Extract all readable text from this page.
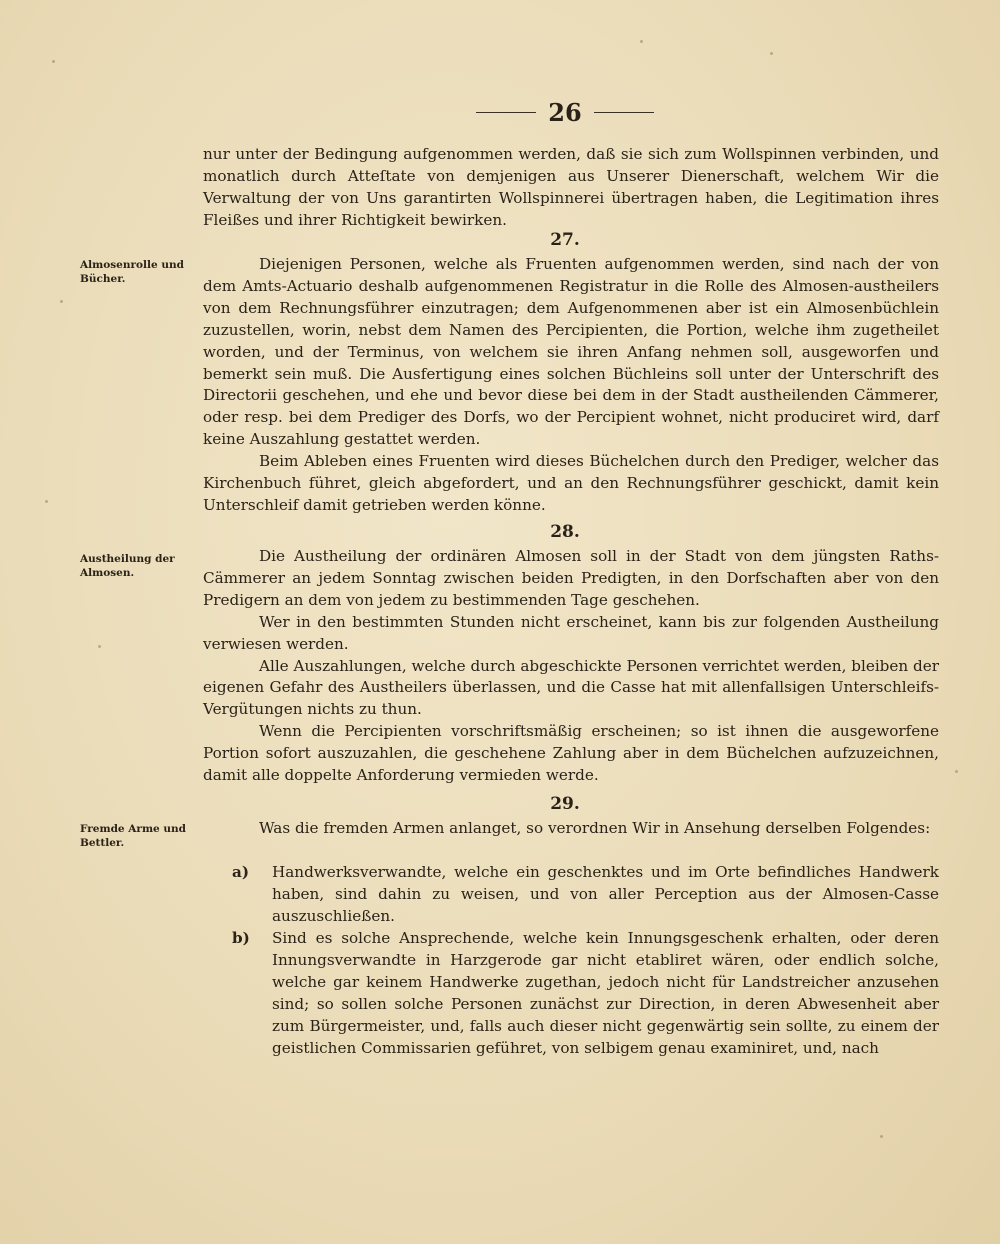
26

nur unter der Bedingung aufgenommen werden, daß sie sich zum Wollspinnen verbinden, und monatlich durch Atteſtate von demjenigen aus Unserer Dienerschaft, welchem Wir die Verwaltung der von Uns garantirten Wollspinnerei übertragen haben, die Legitimation ihres Fleißes und ihrer Richtigkeit bewirken.

27.
Almosenrolle und Bücher.

Diejenigen Personen, welche als Fruenten aufgenommen werden, sind nach der von dem Amts-Actuario deshalb aufgenommenen Registratur in die Rolle des Almosen-austheilers von dem Rechnungsführer einzutragen; dem Aufgenommenen aber ist ein Almosenbüchlein zuzustellen, worin, nebst dem Namen des Percipienten, die Portion, welche ihm zugetheilet worden, und der Terminus, von welchem sie ihren Anfang nehmen soll, ausgeworfen und bemerkt sein muß. Die Ausfertigung eines solchen Büchleins soll unter der Unterschrift des Directorii geschehen, und ehe und bevor diese bei dem in der Stadt austheilenden Cämmerer, oder resp. bei dem Prediger des Dorfs, wo der Percipient wohnet, nicht produciret wird, darf keine Auszahlung gestattet werden.

Beim Ableben eines Fruenten wird dieses Büchelchen durch den Prediger, welcher das Kirchenbuch führet, gleich abgefordert, und an den Rechnungsführer geschickt, damit kein Unterschleif damit getrieben werden könne.

28.
Austheilung der Almosen.

Die Austheilung der ordinären Almosen soll in der Stadt von dem jüngsten Raths-Cämmerer an jedem Sonntag zwischen beiden Predigten, in den Dorfschaften aber von den Predigern an dem von jedem zu bestimmenden Tage geschehen.

Wer in den bestimmten Stunden nicht erscheinet, kann bis zur folgenden Austheilung verwiesen werden.

Alle Auszahlungen, welche durch abgeschickte Personen verrichtet werden, bleiben der eigenen Gefahr des Austheilers überlassen, und die Casse hat mit allenfallsigen Unterschleifs-Vergütungen nichts zu thun.

Wenn die Percipienten vorschriftsmäßig erscheinen; so ist ihnen die ausgeworfene Portion sofort auszuzahlen, die geschehene Zahlung aber in dem Büchelchen aufzuzeichnen, damit alle doppelte Anforderung vermieden werde.

29.
Fremde Arme und Bettler.

Was die fremden Armen anlanget, so verordnen Wir in Ansehung derselben Folgendes:

a) Handwerksverwandte, welche ein geschenktes und im Orte befindliches Handwerk haben, sind dahin zu weisen, und von aller Perception aus der Almosen-Casse auszuschließen.
b) Sind es solche Ansprechende, welche kein Innungsgeschenk erhalten, oder deren Innungsverwandte in Harzgerode gar nicht etabliret wären, oder endlich solche, welche gar keinem Handwerke zugethan, jedoch nicht für Landstreicher anzusehen sind; so sollen solche Personen zunächst zur Direction, in deren Abwesenheit aber zum Bürgermeister, und, falls auch dieser nicht gegenwärtig sein sollte, zu einem der geistlichen Commissarien geführet, von selbigem genau examiniret, und, nach
